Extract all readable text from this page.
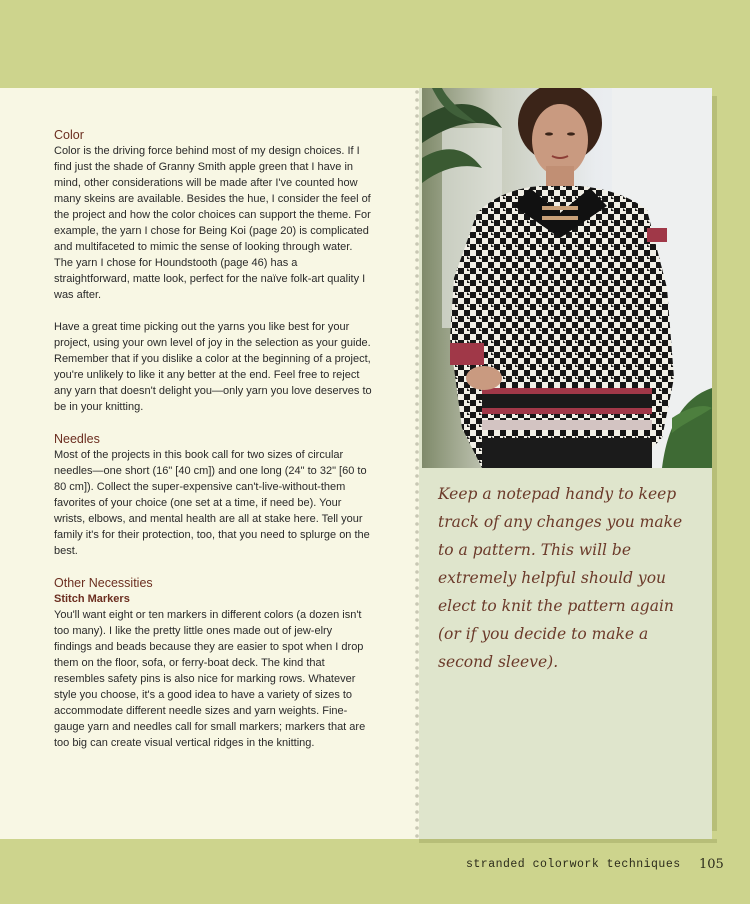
Color

Color is the driving force behind most of my design choices. If I find just the shade of Granny Smith apple green that I have in mind, other considerations will be made after I've counted how many skeins are available. Besides the hue, I consider the feel of the project and how the color choices can support the theme. For example, the yarn I chose for Being Koi (page 20) is complicated and multifaceted to mimic the sense of looking through water. The yarn I chose for Houndstooth (page 46) has a straightforward, matte look, perfect for the naïve folk-art quality I was after.

Have a great time picking out the yarns you like best for your project, using your own level of joy in the selection as your guide. Remember that if you dislike a color at the beginning of a project, you're unlikely to like it any better at the end. Feel free to reject any yarn that doesn't delight you—only yarn you love deserves to be in your knitting.

Needles

Most of the projects in this book call for two sizes of circular needles—one short (16" [40 cm]) and one long (24" to 32" [60 to 80 cm]). Collect the super-expensive can't-live-without-them favorites of your choice (one set at a time, if need be). Your wrists, elbows, and mental health are all at stake here. Tell your family it's for their protection, too, that you need to splurge on the best.

Other Necessities

Stitch Markers

You'll want eight or ten markers in different colors (a dozen isn't too many). I like the pretty little ones made out of jew-elry findings and beads because they are easier to spot when I drop them on the floor, sofa, or ferry-boat deck. The kind that resembles safety pins is also nice for marking rows. Whatever style you choose, it's a good idea to have a variety of sizes to accommodate different needle sizes and yarn weights. Fine-gauge yarn and needles call for small markers; markers that are too big can create visual vertical ridges in the knitting.

Keep a notepad handy to keep track of any changes you make to a pattern. This will be extremely helpful should you elect to knit the pattern again (or if you decide to make a second sleeve).
stranded colorwork techniques 105
